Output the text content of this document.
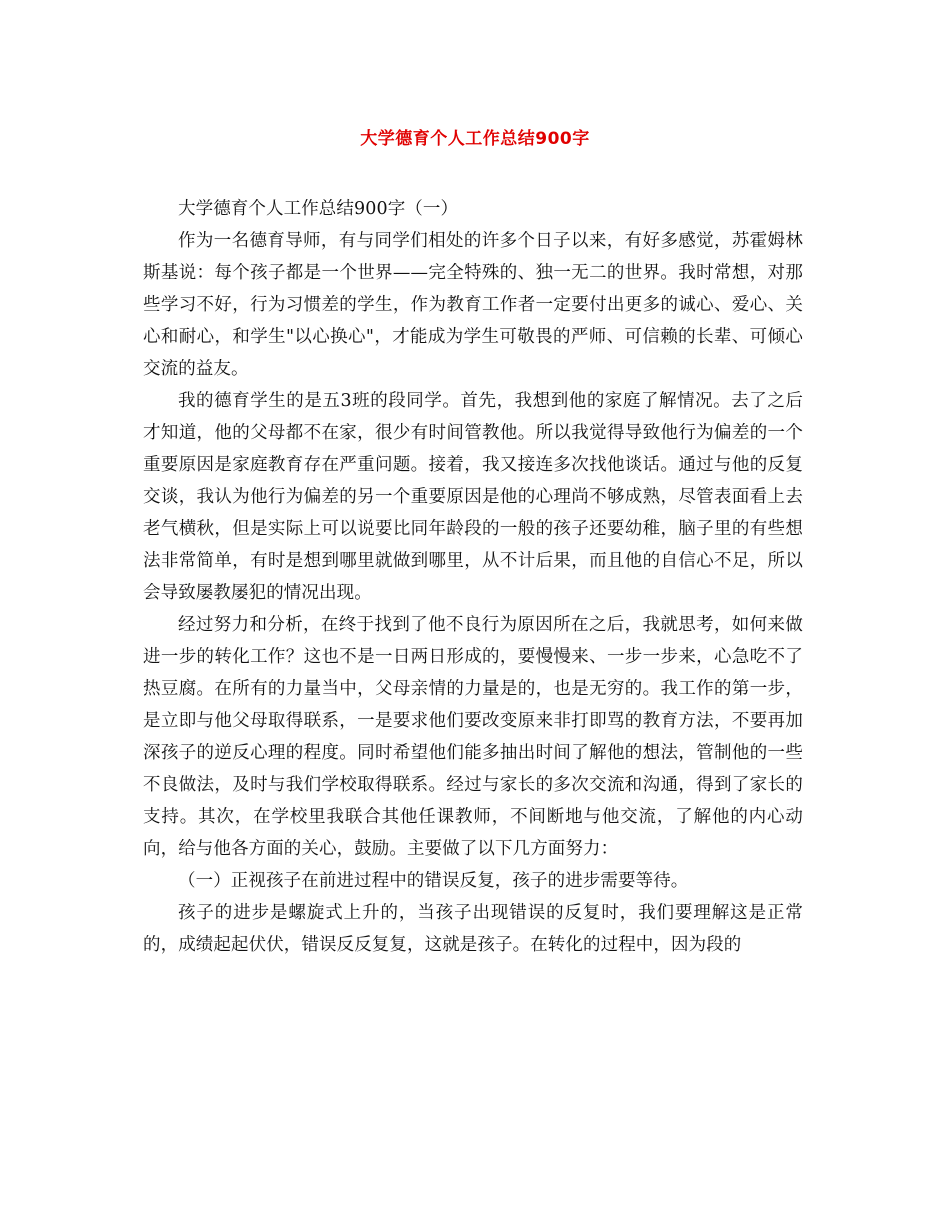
大学德育个人工作总结900字

大学德育个人工作总结900字（一）

作为一名德育导师，有与同学们相处的许多个日子以来，有好多感觉，苏霍姆林斯基说：每个孩子都是一个世界——完全特殊的、独一无二的世界。我时常想，对那些学习不好，行为习惯差的学生，作为教育工作者一定要付出更多的诚心、爱心、关心和耐心，和学生"以心换心"，才能成为学生可敬畏的严师、可信赖的长辈、可倾心交流的益友。

我的德育学生的是五3班的段同学。首先，我想到他的家庭了解情况。去了之后才知道，他的父母都不在家，很少有时间管教他。所以我觉得导致他行为偏差的一个重要原因是家庭教育存在严重问题。接着，我又接连多次找他谈话。通过与他的反复交谈，我认为他行为偏差的另一个重要原因是他的心理尚不够成熟，尽管表面看上去老气横秋，但是实际上可以说要比同年龄段的一般的孩子还要幼稚，脑子里的有些想法非常简单，有时是想到哪里就做到哪里，从不计后果，而且他的自信心不足，所以会导致屡教屡犯的情况出现。

经过努力和分析，在终于找到了他不良行为原因所在之后，我就思考，如何来做进一步的转化工作？这也不是一日两日形成的，要慢慢来、一步一步来，心急吃不了热豆腐。在所有的力量当中，父母亲情的力量是的，也是无穷的。我工作的第一步，是立即与他父母取得联系，一是要求他们要改变原来非打即骂的教育方法，不要再加深孩子的逆反心理的程度。同时希望他们能多抽出时间了解他的想法，管制他的一些不良做法，及时与我们学校取得联系。经过与家长的多次交流和沟通，得到了家长的支持。其次，在学校里我联合其他任课教师，不间断地与他交流，了解他的内心动向，给与他各方面的关心，鼓励。主要做了以下几方面努力：

（一）正视孩子在前进过程中的错误反复，孩子的进步需要等待。

孩子的进步是螺旋式上升的，当孩子出现错误的反复时，我们要理解这是正常的，成绩起起伏伏，错误反反复复，这就是孩子。在转化的过程中，因为段的
